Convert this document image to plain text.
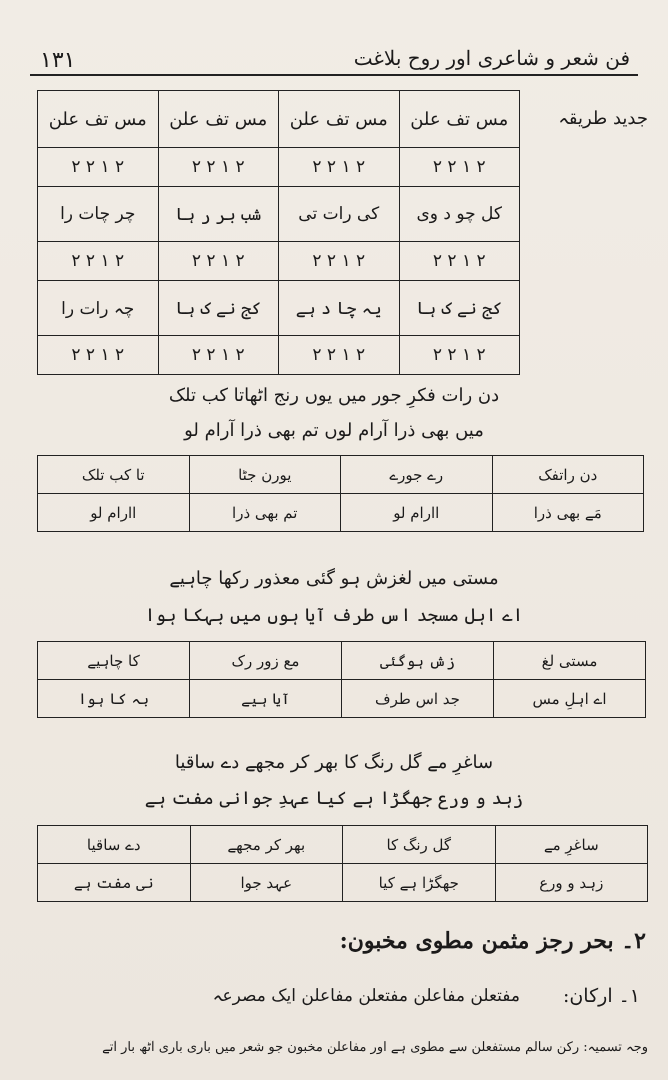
۱۳۱	فن شعر و شاعری اور روح بلاغت
جدید طریقہ
مس تف علن	مس تف علن	مس تف علن	مس تف علن
۲ ۱ ۲ ۲	۲ ۱ ۲ ۲	۲ ۱ ۲ ۲	۲ ۱ ۲ ۲
کل چو د وی	کی رات تی	شب بر ر ہا	چر چات را
۲ ۱ ۲ ۲	۲ ۱ ۲ ۲	۲ ۱ ۲ ۲	۲ ۱ ۲ ۲
کج نے ک ہا	یہ چا د ہے	کج نے ک ہا	چہ رات را
۲ ۱ ۲ ۲	۲ ۱ ۲ ۲	۲ ۱ ۲ ۲	۲ ۱ ۲ ۲
دن رات فکرِ جور میں یوں رنج اٹھاتا کب تلک
میں بھی ذرا آرام لوں تم بھی ذرا آرام لو
دن راتفک	رے جورے	یورن جٹا	تا کب تلک
مَے بھی ذرا	اارام لو	تم بھی ذرا	اارام لو
مستی میں لغزش ہو گئی معذور رکھا چاہیے
اے اہل مسجد اس طرف آیا ہوں میں بہکا ہوا
مستی لغ	زش ہوگئی	مع زور رک	کا چاہیے
اے اہلِ مس	جد اس طرف	آیا ہیے	بہ کا ہوا
ساغرِ مے گل رنگ کا بھر کر مجھے دے ساقیا
زہد و ورع جھگڑا ہے کیا عہدِ جوانی مفت ہے
ساغرِ مے	گل رنگ کا	بھر کر مجھے	دے ساقیا
زہد و ورع	جھگڑا ہے کیا	عہد جوا	نی مفت ہے
۲۔ بحر رجز مثمن مطوی مخبون:
۱۔ ارکان:
مفتعلن مفاعلن مفتعلن مفاعلن ایک مصرعہ
وجہ تسمیہ: رکن سالم مستفعلن سے مطوی ہے اور مفاعلن مخبون جو شعر میں باری باری آٹھ بار آتے
